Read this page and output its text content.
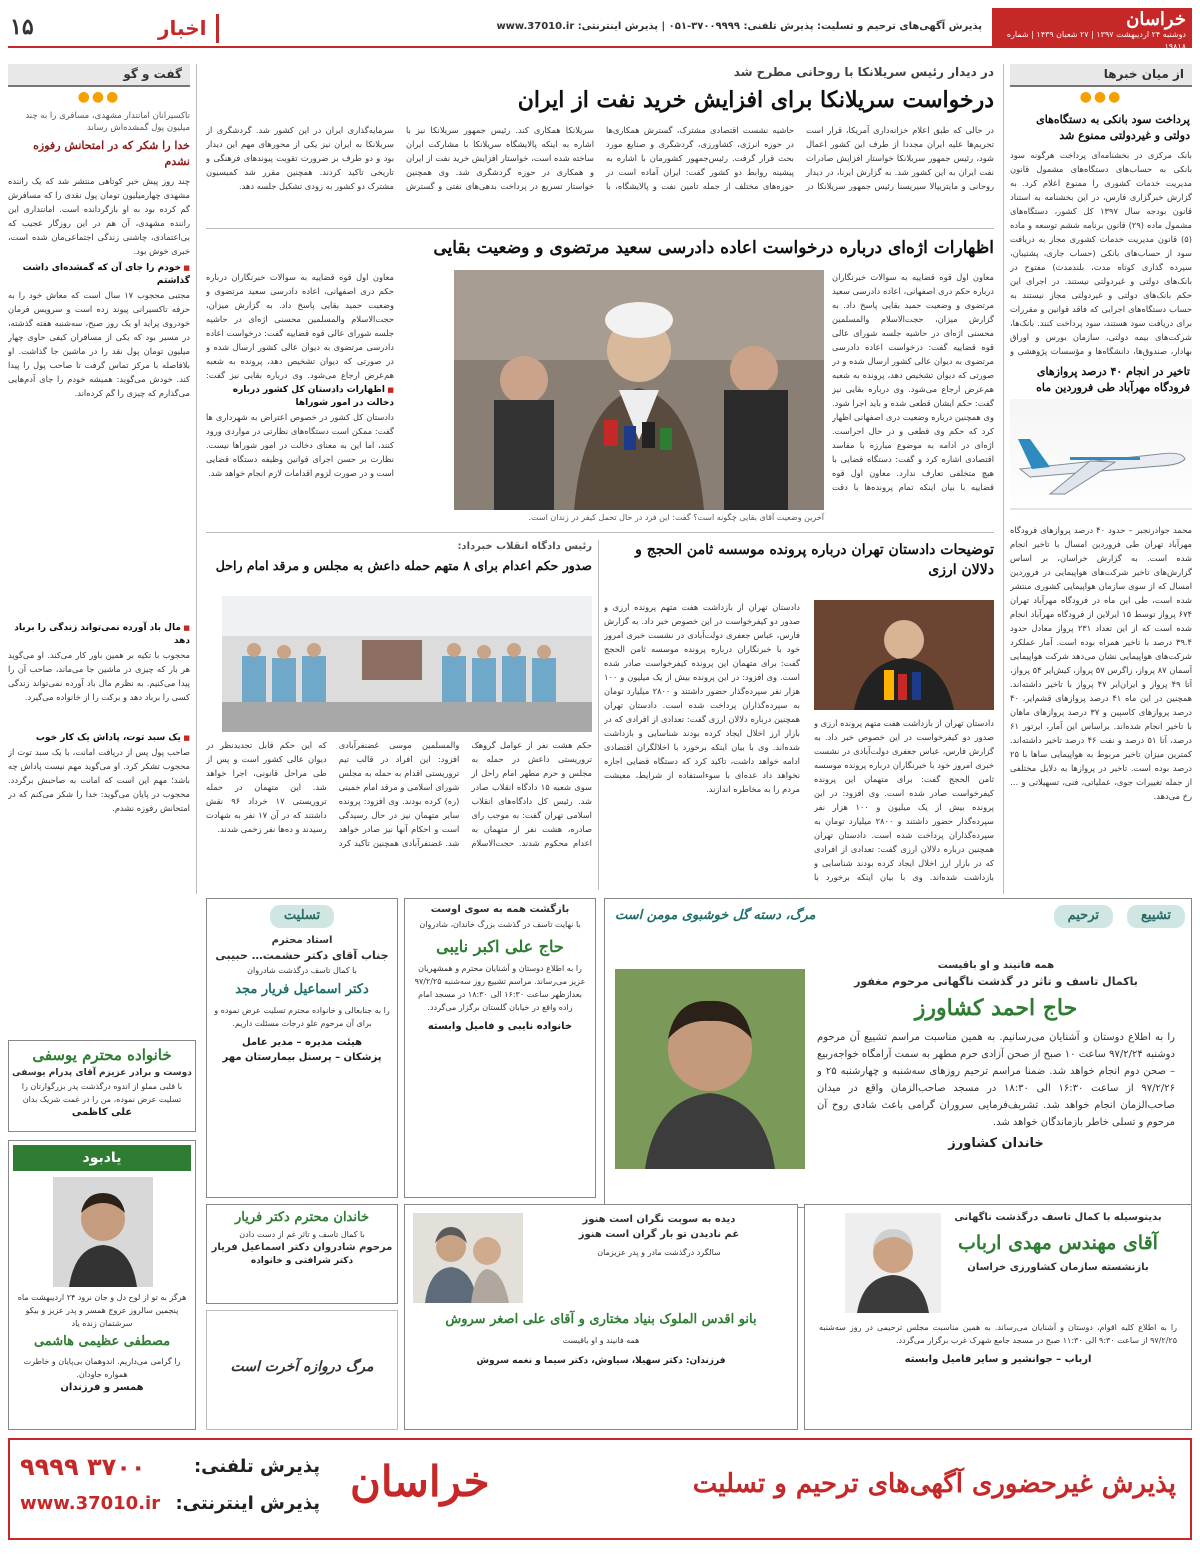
خراسان
دوشنبه ۲۴ اردیبهشت ۱۳۹۷ | ۲۷ شعبان ۱۴۳۹ | شماره ۱۹۸۱۸
پذیرش آگهی‌های ترحیم و تسلیت: پذیرش تلفنی: ۳۷۰۰۹۹۹۹-۰۵۱ | پذیرش اینترنتی: www.37010.ir
اخبار
۱۵
از میان خبرها
●●●
پرداخت سود بانکی به دستگاه‌های دولتی و غیردولتی ممنوع شد
بانک مرکزی در بخشنامه‌ای پرداخت هرگونه سود بانکی به حساب‌های دستگاه‌های مشمول قانون مدیریت خدمات کشوری را ممنوع اعلام کرد. به گزارش خبرگزاری فارس، در این بخشنامه به استناد قانون بودجه سال ۱۳۹۷ کل کشور، دستگاه‌های مشمول ماده (۲۹) قانون برنامه ششم توسعه و ماده (۵) قانون مدیریت خدمات کشوری مجاز به دریافت سود از حساب‌های بانکی (حساب جاری، پشتیبان، سپرده گذاری کوتاه مدت، بلندمدت) مفتوح در بانک‌های دولتی و غیردولتی نیستند. در اجرای این حکم بانک‌های دولتی و غیردولتی مجاز نیستند به حساب دستگاه‌های اجرایی که فاقد قوانین و مقررات برای دریافت سود هستند، سود پرداخت کنند. بانک‌ها، شرکت‌های بیمه دولتی، سازمان بورس و اوراق بهادار، صندوق‌ها، دانشگاه‌ها و مؤسسات پژوهشی و
تاخیر در انجام ۴۰ درصد پروازهای فرودگاه مهرآباد طی فروردین ماه
محمد جوادرنجبر – حدود ۴۰ درصد پروازهای فرودگاه مهرآباد تهران طی فروردین امسال با تاخیر انجام شده است. به گزارش خراسان، بر اساس گزارش‌های تاخیر شرکت‌های هواپیمایی در فروردین امسال که از سوی سازمان هواپیمایی کشوری منتشر شده است، طی این ماه در فرودگاه مهرآباد تهران ۶۷۴ پرواز توسط ۱۵ ایرلاین از فرودگاه مهرآباد انجام شده است که از این تعداد ۲۳۱ پرواز معادل حدود ۳۹.۴ درصد با تاخیر همراه بوده است. آمار عملکرد شرکت‌های هواپیمایی نشان می‌دهد شرکت هواپیمایی آسمان ۸۷ پرواز، زاگرس ۵۷ پرواز، کیش‌ایر ۵۴ پرواز، آتا ۴۹ پرواز و ایران‌ایر ۴۷ پرواز با تاخیر داشته‌اند. همچنین در این ماه ۴۱ درصد پروازهای قشم‌ایر، ۴۰ درصد پروازهای کاسپین و ۳۷ درصد پروازهای ماهان با تاخیر انجام شده‌اند. براساس این آمار، ایرتور ۶۱ درصد، آتا ۵۱ درصد و نفت ۴۶ درصد تاخیر داشته‌اند. کمترین میزان تاخیر مربوط به هواپیمایی ساها با ۲۵ درصد بوده است. تاخیر در پروازها به دلایل مختلفی از جمله تغییرات جوی، عملیاتی، فنی، تسهیلاتی و … رخ می‌دهد.
گفت و گو
●●●
تاکسیرانان امانتدار مشهدی، مسافری را به چند میلیون پول گمشده‌اش رساند
خدا را شکر که در امتحانش رفوزه نشدم
چند روز پیش خبر کوتاهی منتشر شد که یک راننده مشهدی چهارمیلیون تومان پول نقدی را که مسافرش گم کرده بود به او بازگردانده است. امانتداری این راننده مشهدی، آن هم در این روزگار عجیب که بی‌اعتمادی، چاشنی زندگی اجتماعی‌مان شده است، خبری خوش بود.
■ خودم را جای آن که گمشده‌ای داشت گذاشتم
مجتبی محجوب ۱۷ سال است که معاش خود را به حرفه تاکسیرانی پیوند زده است و سرویس فرمان خودروی پراید او یک روز صبح، سه‌شنبه هفته گذشته، در مسیر بود که یکی از مسافران کیفی حاوی چهار میلیون تومان پول نقد را در ماشین جا گذاشت. او بلافاصله با مرکز تماس گرفت تا صاحب پول را پیدا کند. خودش می‌گوید: همیشه خودم را جای آدم‌هایی می‌گذارم که چیزی را گم کرده‌اند.
■ مال باد آورده نمی‌تواند زندگی را برباد دهد
محجوب با تکیه بر همین باور کار می‌کند. او می‌گوید هر بار که چیزی در ماشین جا می‌ماند، صاحب آن را پیدا می‌کنیم. به نظرم مال باد آورده نمی‌تواند زندگی کسی را برباد دهد و برکت را از خانواده می‌گیرد.
■ یک سبد توت، پاداش یک کار خوب
صاحب پول پس از دریافت امانت، با یک سبد توت از محجوب تشکر کرد. او می‌گوید مهم نیست پاداش چه باشد؛ مهم این است که امانت به صاحبش برگردد. محجوب در پایان می‌گوید: خدا را شکر می‌کنم که در امتحانش رفوزه نشدم.
در دیدار رئیس سریلانکا با روحانی مطرح شد
درخواست سریلانکا برای افزایش خرید نفت از ایران
در حالی که طبق اعلام خزانه‌داری آمریکا، قرار است تحریم‌ها علیه ایران مجددا از طرف این کشور اعمال شود، رئیس جمهور سریلانکا خواستار افزایش صادرات نفت ایران به این کشور شد. به گزارش ایرنا، در دیدار روحانی و مایتریپالا سیریسنا رئیس جمهور سریلانکا در حاشیه نشست اقتصادی مشترک، گسترش همکاری‌ها در حوزه انرژی، کشاورزی، گردشگری و صنایع مورد بحث قرار گرفت. رئیس‌جمهور کشورمان با اشاره به پیشینه روابط دو کشور گفت: ایران آماده است در حوزه‌های مختلف از جمله تامین نفت و پالایشگاه، با سریلانکا همکاری کند. رئیس جمهور سریلانکا نیز با اشاره به اینکه پالایشگاه سریلانکا با مشارکت ایران ساخته شده است، خواستار افزایش خرید نفت از ایران و همکاری در حوزه گردشگری شد. وی همچنین خواستار تسریع در پرداخت بدهی‌های نفتی و گسترش سرمایه‌گذاری ایران در این کشور شد. گردشگری از سریلانکا به ایران نیز یکی از محورهای مهم این دیدار بود و دو طرف بر ضرورت تقویت پیوندهای فرهنگی و تاریخی تاکید کردند. همچنین مقرر شد کمیسیون مشترک دو کشور به زودی تشکیل جلسه دهد.
اظهارات اژه‌ای درباره درخواست اعاده دادرسی سعید مرتضوی و وضعیت بقایی
معاون اول قوه قضاییه به سوالات خبرنگاران درباره حکم دری اصفهانی، اعاده دادرسی سعید مرتضوی و وضعیت حمید بقایی پاسخ داد. به گزارش میزان، حجت‌الاسلام والمسلمین محسنی اژه‌ای در حاشیه جلسه شورای عالی قوه قضاییه گفت: درخواست اعاده دادرسی مرتضوی به دیوان عالی کشور ارسال شده و در صورتی که دیوان تشخیص دهد، پرونده به شعبه هم‌عرض ارجاع می‌شود. وی درباره بقایی نیز گفت: حکم ایشان قطعی شده و باید اجرا شود. وی همچنین درباره وضعیت دری اصفهانی اظهار کرد که حکم وی قطعی و در حال اجراست. اژه‌ای در ادامه به موضوع مبارزه با مفاسد اقتصادی اشاره کرد و گفت: دستگاه قضایی با هیچ متخلفی تعارف ندارد. معاون اول قوه قضاییه با بیان اینکه تمام پرونده‌ها با دقت
آخرین وضعیت آقای بقایی چگونه است؟ گفت: این فرد در حال تحمل کیفر در زندان است.
معاون اول قوه قضاییه به سوالات خبرنگاران درباره حکم دری اصفهانی، اعاده دادرسی سعید مرتضوی و وضعیت حمید بقایی پاسخ داد. به گزارش میزان، حجت‌الاسلام والمسلمین محسنی اژه‌ای در حاشیه جلسه شورای عالی قوه قضاییه گفت: درخواست اعاده دادرسی مرتضوی به دیوان عالی کشور ارسال شده و در صورتی که دیوان تشخیص دهد، پرونده به شعبه هم‌عرض ارجاع می‌شود. وی درباره بقایی نیز گفت:
■ اظهارات دادستان کل کشور درباره دخالت در امور شوراها
دادستان کل کشور در خصوص اعتراض به شهرداری ها گفت: ممکن است دستگاه‌های نظارتی در مواردی ورود کنند، اما این به معنای دخالت در امور شوراها نیست. نظارت بر حسن اجرای قوانین وظیفه دستگاه قضایی است و در صورت لزوم اقدامات لازم انجام خواهد شد.
توضیحات دادستان تهران درباره پرونده موسسه ثامن الحجج و دلالان ارزی
دادستان تهران از بازداشت هفت متهم پرونده ارزی و صدور دو کیفرخواست در این خصوص خبر داد. به گزارش فارس، عباس جعفری دولت‌آبادی در نشست خبری امروز خود با خبرنگاران درباره پرونده موسسه ثامن الحجج گفت: برای متهمان این پرونده کیفرخواست صادر شده است. وی افزود: در این پرونده بیش از یک میلیون و ۱۰۰ هزار نفر سپرده‌گذار حضور داشتند و ۲۸۰۰ میلیارد تومان به سپرده‌گذاران پرداخت شده است. دادستان تهران همچنین درباره دلالان ارزی گفت: تعدادی از افرادی که در بازار ارز اخلال ایجاد کرده بودند شناسایی و بازداشت شده‌اند. وی با بیان اینکه برخورد با
دادستان تهران از بازداشت هفت متهم پرونده ارزی و صدور دو کیفرخواست در این خصوص خبر داد. به گزارش فارس، عباس جعفری دولت‌آبادی در نشست خبری امروز خود با خبرنگاران درباره پرونده موسسه ثامن الحجج گفت: برای متهمان این پرونده کیفرخواست صادر شده است. وی افزود: در این پرونده بیش از یک میلیون و ۱۰۰ هزار نفر سپرده‌گذار حضور داشتند و ۲۸۰۰ میلیارد تومان به سپرده‌گذاران پرداخت شده است. دادستان تهران همچنین درباره دلالان ارزی گفت: تعدادی از افرادی که در بازار ارز اخلال ایجاد کرده بودند شناسایی و بازداشت شده‌اند. وی با بیان اینکه برخورد با اخلالگران اقتصادی ادامه خواهد داشت، تاکید کرد که دستگاه قضایی اجازه نخواهد داد عده‌ای با سوءاستفاده از شرایط، معیشت مردم را به مخاطره اندازند.
رئیس دادگاه انقلاب خبرداد:
صدور حکم اعدام برای ۸ متهم حمله داعش به مجلس و مرقد امام راحل
حکم هشت نفر از عوامل گروهک تروریستی داعش در حمله به مجلس و حرم مطهر امام راحل از سوی شعبه ۱۵ دادگاه انقلاب صادر شد. رئیس کل دادگاه‌های انقلاب اسلامی تهران گفت: به موجب رای صادره، هشت نفر از متهمان به اعدام محکوم شدند. حجت‌الاسلام و‌المسلمین موسی غضنفرآبادی افزود: این افراد در قالب تیم تروریستی اقدام به حمله به مجلس شورای اسلامی و مرقد امام خمینی (ره) کرده بودند. وی افزود: پرونده سایر متهمان نیز در حال رسیدگی است و احکام آنها نیز صادر خواهد شد. غضنفرآبادی همچنین تاکید کرد که این حکم قابل تجدیدنظر در دیوان عالی کشور است و پس از طی مراحل قانونی، اجرا خواهد شد. این متهمان در حمله تروریستی ۱۷ خرداد ۹۶ نقش داشتند که در آن ۱۷ نفر به شهادت رسیدند و ده‌ها نفر زخمی شدند.
تشییع
ترحیم
مرگ، دسته گل خوشبوی مومن است
همه فانیند و او باقیست
باکمال تاسف و تاثر در گذشت ناگهانی مرحوم مغفور
حاج احمد کشاورز
را به اطلاع دوستان و آشنایان می‌رسانیم. به همین مناسبت مراسم تشییع آن مرحوم دوشنبه ۹۷/۲/۲۴ ساعت ۱۰ صبح از صحن آزادی حرم مطهر به سمت آرامگاه خواجه‌ربیع – صحن دوم انجام خواهد شد. ضمنا مراسم ترحیم روزهای سه‌شنبه و چهارشنبه ۲۵ و ۹۷/۲/۲۶ از ساعت ۱۶:۳۰ الی ۱۸:۳۰ در مسجد صاحب‌الزمان واقع در میدان صاحب‌الزمان انجام خواهد شد. تشریف‌فرمایی سروران گرامی باعث شادی روح آن مرحوم و تسلی خاطر بازماندگان خواهد شد.
خاندان کشاورز
بازگشت همه به سوی اوست
با نهایت تاسف در گذشت بزرگ خاندان، شادروان
حاج علی اکبر نایبی
را به اطلاع دوستان و آشنایان محترم و همشهریان عزیز می‌رساند. مراسم تشییع روز سه‌شنبه ۹۷/۲/۲۵ بعدازظهر ساعت ۱۶:۳۰ الی ۱۸:۳۰ در مسجد امام زاده واقع در خیابان گلستان برگزار می‌گردد.
خانواده نایبی و فامیل وابسته
تسلیت
استاد محترم
جناب آقای دکتر حشمت… حبیبی
با کمال تاسف درگذشت شادروان
دکتر اسماعیل فریار مجد
را به جنابعالی و خانواده محترم تسلیت عرض نموده و برای آن مرحوم علو درجات مسئلت داریم.
هیئت مدیره – مدیر عامل
پزشکان – پرسنل بیمارستان مهر
خانواده محترم یوسفی
دوست و برادر عزیزم آقای پدرام یوسفی
با قلبی مملو از اندوه درگذشت پدر بزرگوارتان را تسلیت عرض نموده، من را در غمت شریک بدان
علی کاظمی
یادبود
هرگز به تو از لوح دل و جان نرود ۲۴ اردیبهشت ماه پنجمین سالروز عروج همسر و پدر عزیز و بیکو سرشتمان زنده یاد
مصطفی عظیمی هاشمی
را گرامی می‌داریم. اندوهمان بی‌پایان و خاطرت همواره جاودان.
همسر و فرزندان
خاندان محترم دکتر فریار
با کمال تاسف و تاثر غم از دست دادن
مرحوم شادروان دکتر اسماعیل فریار
دکتر شرافتی و خانواده
مرگ دروازه آخرت است
دیده به سوبت نگران است هنوز
غم نادیدن تو بار گران است هنوز
سالگرد درگذشت مادر و پدر عزیزمان
بانو اقدس الملوک بنیاد مختاری و آقای علی اصغر سروش
همه فانیند و او باقیست
فرزندان: دکتر سهیلا، سیاوش، دکتر سیما و نغمه سروش
بدینوسیله با کمال تاسف درگذشت ناگهانی
آقای مهندس مهدی ارباب
بازنشسته سازمان کشاورزی خراسان
را به اطلاع کلیه اقوام، دوستان و آشنایان می‌رساند. به همین مناسبت مجلس ترحیمی در روز سه‌شنبه ۹۷/۲/۲۵ از ساعت ۹:۳۰ الی ۱۱:۳۰ صبح در مسجد جامع شهرک غرب برگزار می‌گردد.
ارباب – جوانشیر و سایر فامیل وابسته
پذیرش غیرحضوری آگهی‌های ترحیم و تسلیت
خراسان
پذیرش تلفنی:
۳۷۰۰ ۹۹۹۹
پذیرش اینترنتی:
www.37010.ir
